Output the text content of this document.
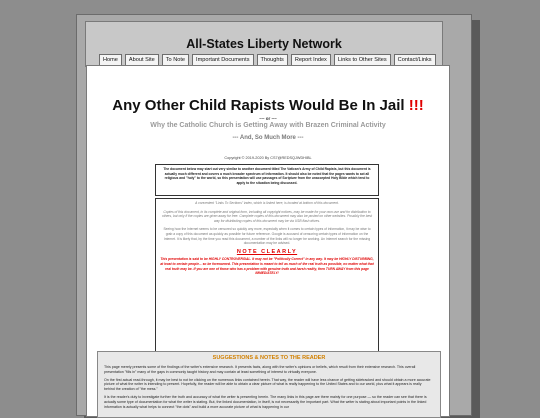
All-States Liberty Network
Home	About Site	To Note	Important Documents	Thoughts	Report Index	Links to Other Sites	Contact/Links
Any Other Child Rapists Would Be In Jail !!!
~~ or ~~
Why the Catholic Church is Getting Away with Brazen Criminal Activity
--- And, So Much More ---
Copyright © 2019-2020 By CS7@REDSQJWDHIBL
The document below may start out very similar to another document titled The Vatican's Army of Child Rapists, but this document is actually much different and covers a much broader spectrum of information. It should also be noted that the pages wants to act all religious and "holy" to the world, so this presentation will use passages of Scripture from the unaccepted Holy Bible which tend to apply to the situation being discussed.

A convenient "Links To Sections" index, which is linked here, is located at bottom of this document.

Copies of this document, in its complete and original form, including all copyright notices, may be made for your own use and for distribution to others, but only if the copies are given away for free. Complete copies of this document may also be posted on other websites. Possibly the best way for distributing copies of this document may be via USB flash drives.

Seeing how the Internet seems to be censored so quickly any more, especially when it comes to certain types of information, it may be wise to grab a copy of this document as quickly as possible for future reference. Google is accused of censoring certain types of information on the Internet. It is likely that, by the time you read this document, a number of the links will no longer be working. An Internet search for the missing documentation may be advised.

NOTE CLEARLY

This presentation is said to be HIGHLY CONTROVERSIAL. It may not be "Politically Correct" in any way. It may be HIGHLY DISTURBING, at least to certain people... so be forewarned. This presentation is meant to tell as much of the real truth as possible, no matter what that real truth may be. If you are one of those who has a problem with genuine truth and harsh reality, then TURN AWAY from this page IMMEDIATELY!

SUGGESTIONS & NOTES TO THE READER

This page merely presents some of the findings of the writer's extensive research. It presents facts, along with the writer's opinions or beliefs, which result from their extensive research. This overall presentation "fills in" many of the gaps in commonly taught history and may contain at least something of interest to virtually everyone.

On the first actual read-through, it may be best to not be clicking on the numerous links contained herein. That way, the reader will have less chance of getting sidetracked and should obtain a more accurate picture of what the writer is intending to present. Hopefully, the reader will be able to obtain a clear picture of what is really happening to the United States and to our world, plus what it appears is really behind the creation of "the mess."

It is the reader's duty to investigate further the truth and accuracy of what the writer is presenting herein. The many links in this page are there mainly for one purpose — so the reader can see that there is actually some type of documentation for what the writer is stating. But, the linked documentation, in itself, is not necessarily the important part. What the writer is stating about important points in the linked information is actually what helps to connect "the dots" and build a more accurate picture of what is happening in our
